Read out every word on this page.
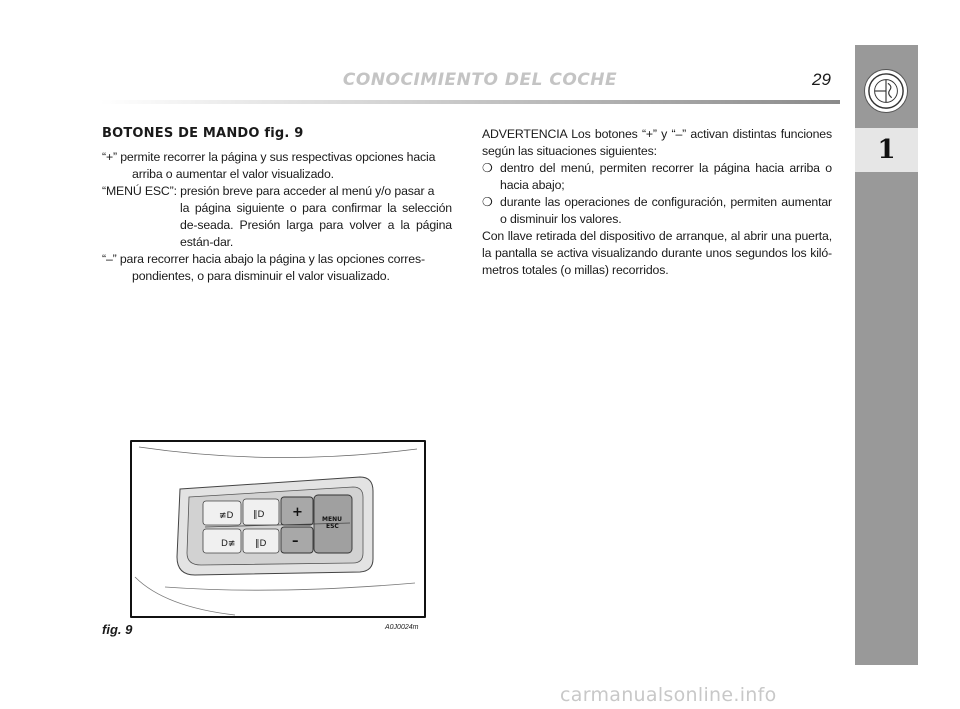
CONOCIMIENTO DEL COCHE	29
1
BOTONES DE MANDO fig. 9
“+” permite recorrer la página y sus respectivas opciones hacia
arriba o aumentar el valor visualizado.
“MENÚ ESC”: presión breve para acceder al menú y/o pasar a
la página siguiente o para confirmar la selección de-seada. Presión larga para volver a la página están-dar.
“–” para recorrer hacia abajo la página y las opciones corres-
pondientes, o para disminuir el valor visualizado.

ADVERTENCIA Los botones “+” y “–” activan distintas funciones según las situaciones siguientes:

❍ dentro del menú, permiten recorrer la página hacia arriba o hacia abajo;
❍ durante las operaciones de configuración, permiten aumentar o disminuir los valores.

Con llave retirada del dispositivo de arranque, al abrir una puerta, la pantalla se activa visualizando durante unos segundos los kiló-metros totales (o millas) recorridos.

≢D ‖D
D≢ ‖D
+
–
MENU
ESC
fig. 9	A0J0024m
carmanualsonline.info
